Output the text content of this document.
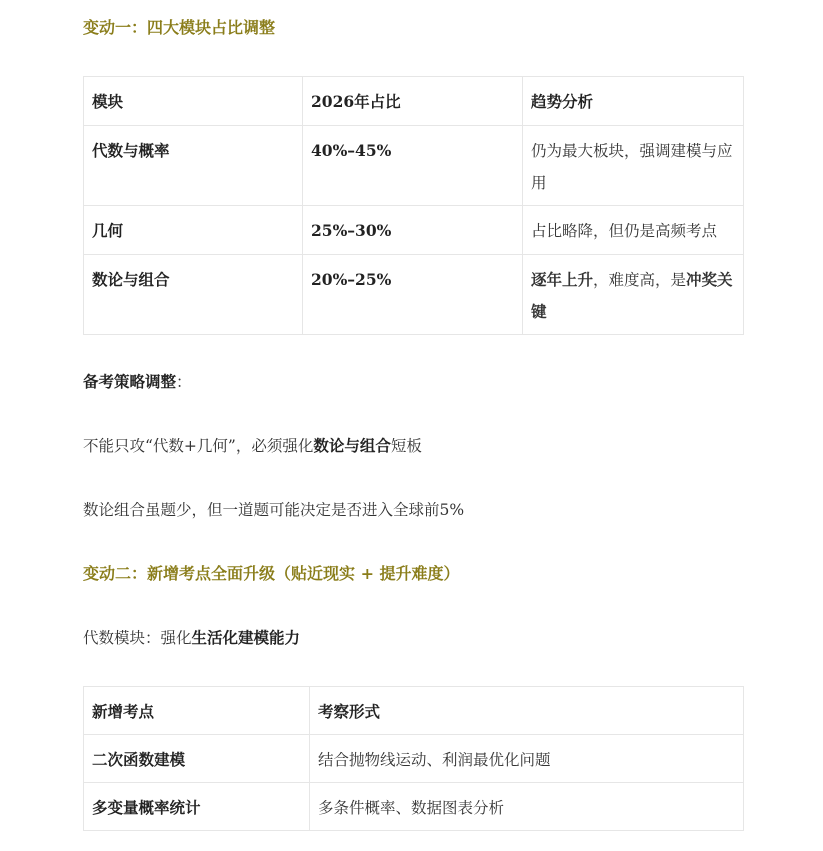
变动一：四大模块占比调整
模块	2026年占比	趋势分析
代数与概率	40%–45%	仍为最大板块，强调建模与应用
几何	25%–30%	占比略降，但仍是高频考点
数论与组合	20%–25%	逐年上升，难度高，是冲奖关键
备考策略调整：
不能只攻“代数+几何”，必须强化数论与组合短板
数论组合虽题少，但一道题可能决定是否进入全球前5%
变动二：新增考点全面升级（贴近现实 + 提升难度）
代数模块：强化生活化建模能力
新增考点	考察形式
二次函数建模	结合抛物线运动、利润最优化问题
多变量概率统计	多条件概率、数据图表分析
